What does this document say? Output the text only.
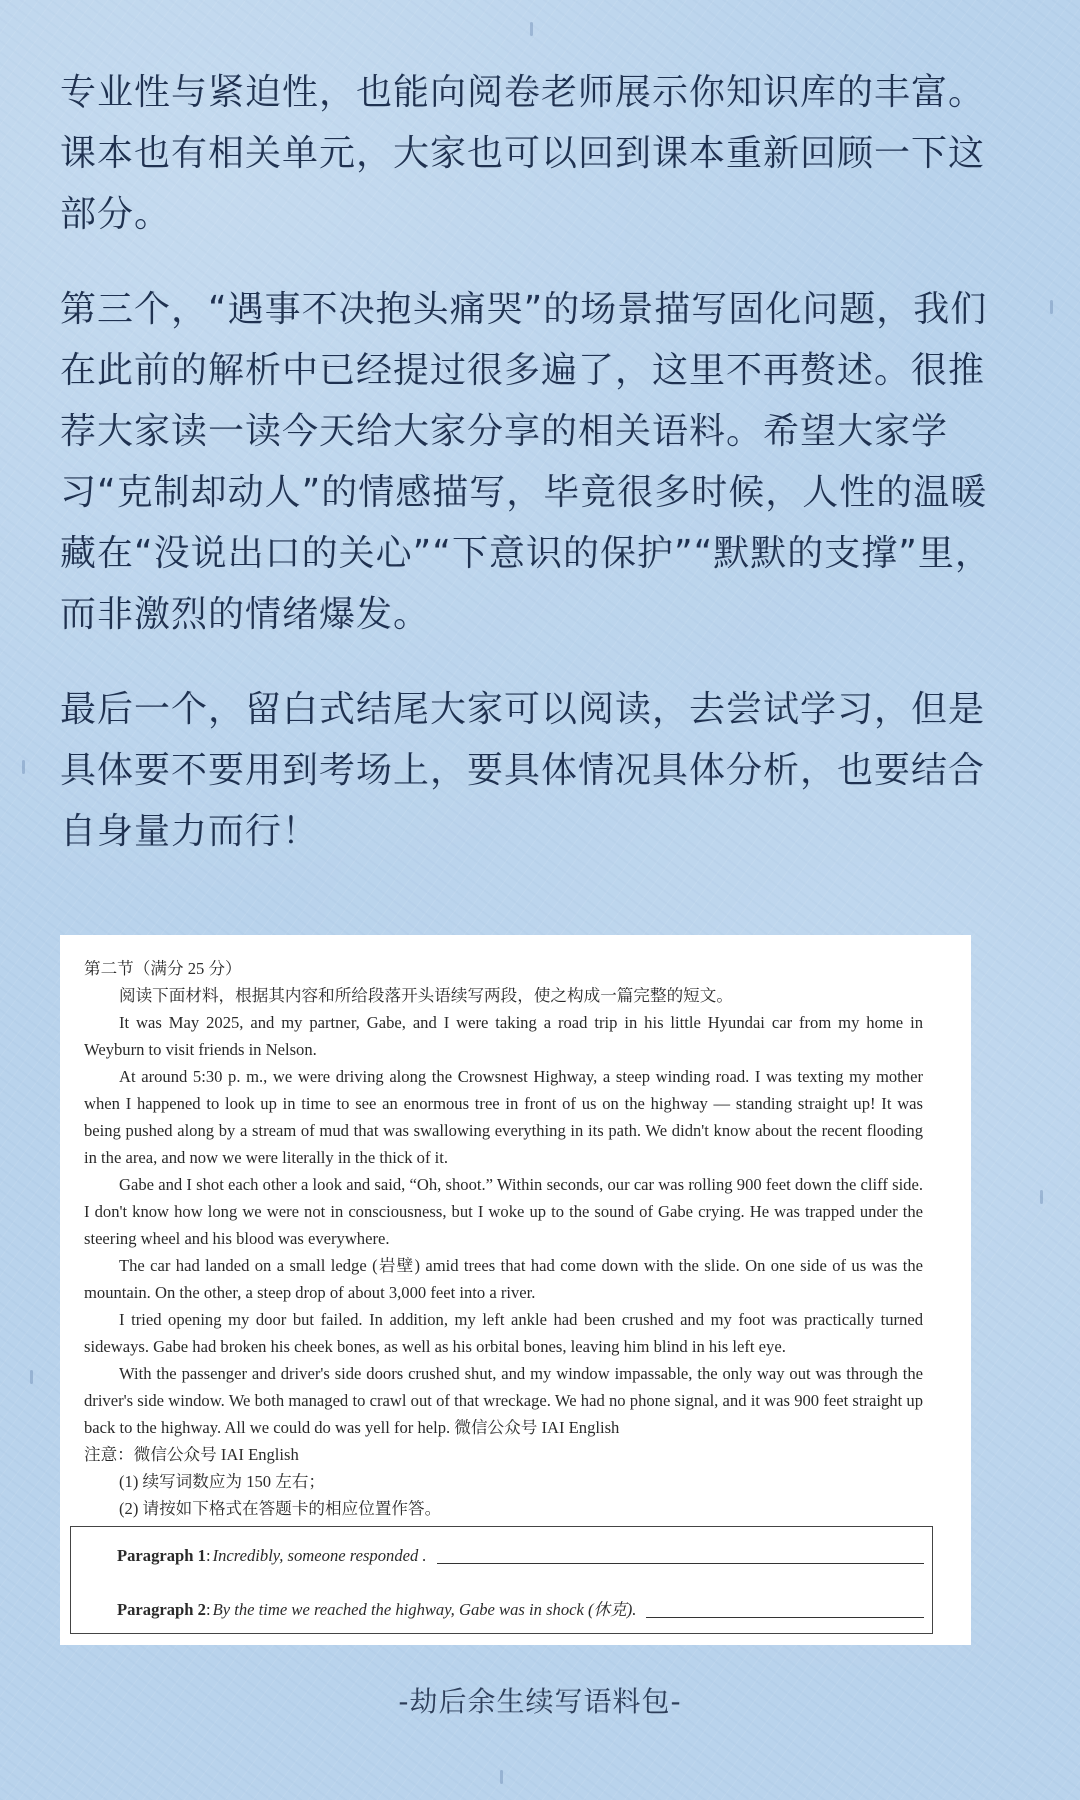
专业性与紧迫性，也能向阅卷老师展示你知识库的丰富。课本也有相关单元，大家也可以回到课本重新回顾一下这部分。

第三个，“遇事不决抱头痛哭”的场景描写固化问题，我们在此前的解析中已经提过很多遍了，这里不再赘述。很推荐大家读一读今天给大家分享的相关语料。希望大家学习“克制却动人”的情感描写，毕竟很多时候，人性的温暖藏在“没说出口的关心”“下意识的保护”“默默的支撑”里，而非激烈的情绪爆发。

最后一个，留白式结尾大家可以阅读，去尝试学习，但是具体要不要用到考场上，要具体情况具体分析，也要结合自身量力而行！

第二节（满分 25 分）

阅读下面材料，根据其内容和所给段落开头语续写两段，使之构成一篇完整的短文。

It was May 2025, and my partner, Gabe, and I were taking a road trip in his little Hyundai car from my home in Weyburn to visit friends in Nelson.

At around 5:30 p. m., we were driving along the Crowsnest Highway, a steep winding road. I was texting my mother when I happened to look up in time to see an enormous tree in front of us on the highway — standing straight up! It was being pushed along by a stream of mud that was swallowing everything in its path. We didn't know about the recent flooding in the area, and now we were literally in the thick of it.

Gabe and I shot each other a look and said, “Oh, shoot.” Within seconds, our car was rolling 900 feet down the cliff side. I don't know how long we were not in consciousness, but I woke up to the sound of Gabe crying. He was trapped under the steering wheel and his blood was everywhere.

The car had landed on a small ledge (岩壁) amid trees that had come down with the slide. On one side of us was the mountain. On the other, a steep drop of about 3,000 feet into a river.

I tried opening my door but failed. In addition, my left ankle had been crushed and my foot was practically turned sideways. Gabe had broken his cheek bones, as well as his orbital bones, leaving him blind in his left eye.

With the passenger and driver's side doors crushed shut, and my window impassable, the only way out was through the driver's side window. We both managed to crawl out of that wreckage. We had no phone signal, and it was 900 feet straight up back to the highway. All we could do was yell for help. 微信公众号 IAI English

注意：微信公众号 IAI English

(1) 续写词数应为 150 左右；

(2) 请按如下格式在答题卡的相应位置作答。

Paragraph 1 : Incredibly, someone responded .
Paragraph 2 : By the time we reached the highway, Gabe was in shock (休克).
-劫后余生续写语料包-
